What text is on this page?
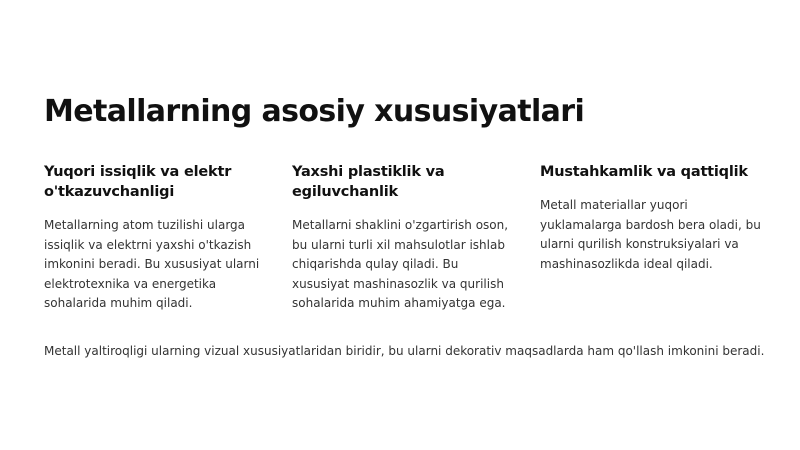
Metallarning asosiy xususiyatlari
Yuqori issiqlik va elektr o'tkazuvchanligi

Metallarning atom tuzilishi ularga issiqlik va elektrni yaxshi o'tkazish imkonini beradi. Bu xususiyat ularni elektrotexnika va energetika sohalarida muhim qiladi.

Yaxshi plastiklik va egiluvchanlik

Metallarni shaklini o'zgartirish oson, bu ularni turli xil mahsulotlar ishlab chiqarishda qulay qiladi. Bu xususiyat mashinasozlik va qurilish sohalarida muhim ahamiyatga ega.

Mustahkamlik va qattiqlik

Metall materiallar yuqori yuklamalarga bardosh bera oladi, bu ularni qurilish konstruksiyalari va mashinasozlikda ideal qiladi.

Metall yaltiroqligi ularning vizual xususiyatlaridan biridir, bu ularni dekorativ maqsadlarda ham qo'llash imkonini beradi.
